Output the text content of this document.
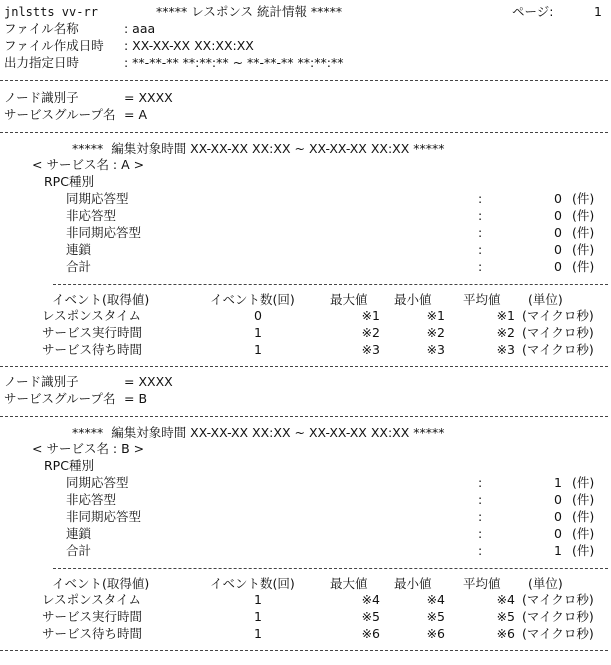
jnlstts vv-rr	***** レスポンス 統計情報 *****	ページ:	1
ファイル名称	: aaa
ファイル作成日時 : XX-XX-XX XX:XX:XX
出力指定日時	: **-**-** **:**:** ~ **-**-** **:**:**
ノード識別子	= XXXX
サービスグループ名 = A
*****  編集対象時間 XX-XX-XX XX:XX ~ XX-XX-XX XX:XX *****
< サービス名 : A >
RPC種別
同期応答型	:	0 (件)
非応答型	:	0 (件)
非同期応答型	:	0 (件)
連鎖	:	0 (件)
合計	:	0 (件)
イベント(取得値)	イベント数(回)	最大値 最小値	平均値 (単位)
レスポンスタイム	0	※1	※1	※1 (マイクロ秒)
サービス実行時間	1	※2	※2	※2 (マイクロ秒)
サービス待ち時間	1	※3	※3	※3 (マイクロ秒)
ノード識別子	= XXXX
サービスグループ名 = B
*****  編集対象時間 XX-XX-XX XX:XX ~ XX-XX-XX XX:XX *****
< サービス名 : B >
RPC種別
同期応答型	:	1 (件)
非応答型	:	0 (件)
非同期応答型	:	0 (件)
連鎖	:	0 (件)
合計	:	1 (件)
イベント(取得値)	イベント数(回)	最大値 最小値	平均値 (単位)
レスポンスタイム	1	※4	※4	※4 (マイクロ秒)
サービス実行時間	1	※5	※5	※5 (マイクロ秒)
サービス待ち時間	1	※6	※6	※6 (マイクロ秒)
